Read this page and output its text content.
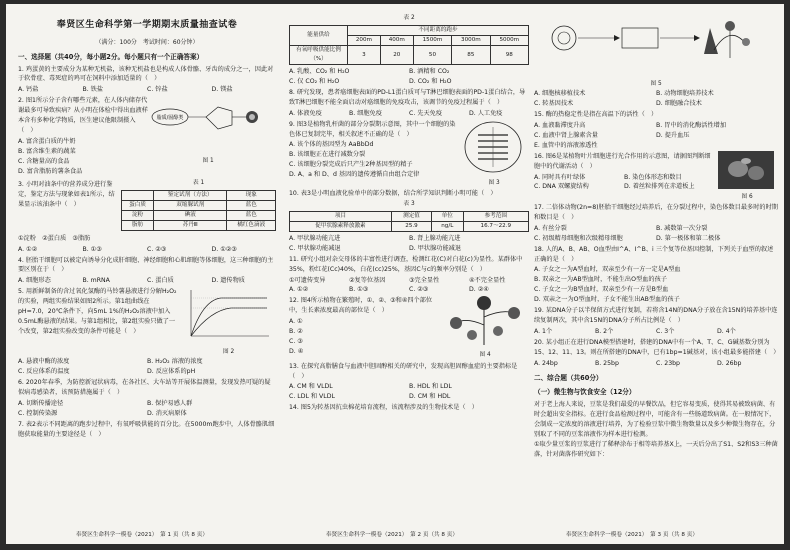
奉贤区生命科学第一学期期末质量抽查试卷
（满分：100分　考试时间：60分钟）
一、选择题（共40分，每小题2分。每小题只有一个正确答案）
1. 鸡蛋黄的主要成分为某种无机盐，该种无机盐也是构成人体骨骼、牙齿的成分之一，因此对于软骨症、毒死症的鸡可在饲料中添加适量的（　）
A. 钙盐	B. 铁盐	C. 锌盐	D. 镁盐
2. 图1所示分子含有哪些元素，在人体内储存代谢最多可导致疾病？从小明在体检中得出血液样本含有多种化学物质，医生建议他限制摄入（　）
A. 富含蛋白质的牛奶
B. 富含维生素的蔬菜
C. 含糖量高的食品
D. 富含脂肪的薯条食品
脂质/固醇类
图 1
3. 小明对油条中的营养成分进行鉴定，鉴定方法与现象如表1所示，结果显示该油条中（　）
表 1
	鉴定试剂（方法）	现象
蛋白质	双缩脲试剂	蓝色
淀粉	碘液	蓝色
脂肪	苏丹Ⅲ	橘红色滴液
①淀粉　②蛋白质　③脂肪
A. ①②	B. ①③	C. ②③	D. ①②③
4. 胚胎干细胞可以被定向诱导分化成肝细胞、神经细胞和心肌细胞等体细胞，这三种细胞的主要区别在于（　）
A. 细胞形态	B. mRNA	C. 蛋白质	D. 遗传物质
5. 用新鲜制备的含过氧化氢酶的马铃薯悬液进行分解H₂O₂的实验，两组实验结果如图2所示。第1组曲线在pH=7.0，20℃条件下，向5mL 1%的H₂O₂溶液中加入0.5mL酶悬液的结果。与第1组相比，第2组实验只做了一个改变，第2组实验改变的条件可能是（　）
图 2
A. 悬液中酶的浓度	B. H₂O₂ 溶液的浓度
C. 反应体系的温度	D. 反应体系的pH
6. 2020年春季，为防控新冠状病毒，在各社区、大车站等开展体温测量，发现发热可疑的疑似病毒感染者，该预防措施属于（　）
A. 切断传播途径	B. 保护易感人群
C. 控制传染源	D. 消灭病原体
7. 表2表示不同距离的跑步过程中，有氧呼吸供能的百分比。在5000m跑步中，人体骨骼肌细胞获取能量的主要途径是（　）
奉贤区生命科学一模卷（2021）　第 1 页（共 8 页）
表 2
能量供给	不同距离的跑步				
	200m	400m	1500m	3000m	5000m
有氧呼吸供能比例（%）	3	20	50	85	98
A. 乳酸、CO₂ 和 H₂O	B. 酒精和 CO₂
C. 仅 CO₂ 和 H₂O	D. CO₂ 和 H₂O
8. 研究发现，患者癌细胞表面的PD-L1蛋白质可与T淋巴细胞表面的PD-1蛋白结合，导致T淋巴细胞不能全面启动对癌细胞的免疫攻击，该调节的免疫过程属于（　）
A. 体液免疫	B. 细胞免疫	C. 先天免疫	D. 人工免疫
9. 图3是植物乳杆菌的部分分裂期示意图，其中一个细胞的染色体已复制完毕，相关叙述不正确的是（　）
A. 该个体的基因型为 AaBbDd
B. 该细胞正在进行减数分裂
C. 该细胞分裂完成后只产生2种基因型的精子
D. A、a 和 D、d 基因的遗传遵循自由组合定律
图 3
10. 表3是小明血液化验单中的部分数据，结合所学知识判断小明可能（　）
表 3
项目	测定值	单位	参考范围
促甲状腺素释放激素	25.9	ng/L	16.7～22.9
A. 甲状腺功能亢进	B. 肾上腺功能亢进
C. 甲状腺功能减退	D. 甲状腺功能减退
11. 研究小组对杂交母体的丰富性进行调查，检测红花(C)对白花(c)为显性。某群体中35%，粉红花(Cc)40%，白花(cc)25%，基因C与c的频率分别是（　）
①可遗传变异	②复等位基因	③完全显性	④不完全显性
A. ①②	B. ①③	C. ②③	D. ②④
12. 图4所示植物在繁殖时，①、②、③和④四个部位中，生长素浓度最高的部位是（　）
A. ①
B. ②
C. ③
D. ④
图 4
13. 在探究高脂膳食与血液中胆固醇相关的研究中，发现高胆固醇血症的主要指标是（　）
A. CM 和 VLDL	B. HDL 和 LDL
C. LDL 和 VLDL	D. CM 和 HDL
14. 图5为转基因抗虫棉花培育流程，该流程涉及的生物技术是（　）
奉贤区生命科学一模卷（2021）　第 2 页（共 8 页）
图 5
A. 细胞核移植技术	B. 动物细胞培养技术
C. 转基因技术	D. 细胞融合技术
15. 酶的热稳定性是指在高温下的活性（　）
A. 血液黏滞度升高	B. 胃中的消化酶活性增加
C. 血液中肾上腺素含量	D. 提升血压
E. 血管中的溶液渗透性
16. 图6是某植物叶片细胞进行光合作用的示意图，请据图判断细胞中的代谢活动（　）
A. 同时具有叶绿体	B. 染色体形态和数目
C. DNA 双螺旋结构	D. 着丝粒排列在赤道板上
图 6
17. 二倍体动物(2n=8)胚胎干细胞经过培养后，在分裂过程中，染色体数目最多时的时期和数目是（　）
A. 有丝分裂	B. 减数第一次分裂
C. 初级精母细胞和次级精母细胞	D. 第一极体和第二极体
18. 人的A、B、AB、O血型由I^A、I^B、i 三个复等位基因控制，下列关于血型的叙述正确的是（　）
A. 子女之一为A型血时，双亲至少有一方一定是A型血
B. 双亲之一为AB型血时，不能生出O型血的孩子
C. 子女之一为B型血时，双亲至少有一方是B型血
D. 双亲之一为O型血时，子女不能生出AB型血的孩子
19. 某DNA分子以半保留方式进行复制，若将含14N的DNA分子放在含15N的培养基中连续复制两次，其中含15N的DNA分子所占比例是（　）
A. 1个	B. 2个	C. 3个	D. 4个
20. 某小组正在进行DNA模型搭建时，搭建的DNA中有一个A、T、C、G碱基数分别为15、12、11、13。则在所搭建的DNA中，已有1bp=1碱基对，该小组最多能搭建（　）
A. 24bp	B. 25bp	C. 23bp	D. 26bp
二、综合题（共60分）
（一）微生物与饮食安全（12分）
对于老上海人来说，豆浆是我们最爱的早餐饮品，但它容易变质，使得其易被致病菌、有时会超出安全指标。在进行食品检测过程中，可能含有一些肠道致病菌。在一般情况下，会制成一定浓度的溶液进行培养，为了检验豆浆中微生物数量以及多少种微生物存在，分别取了不同的豆浆溶液作为样本进行检测。
①取少量豆浆的豆浆进行了稀释涂布于相等培养基X上，一天后分出了S1、S2和S3三种菌落，针对菌落作研究如下：
奉贤区生命科学一模卷（2021）　第 3 页（共 8 页）
